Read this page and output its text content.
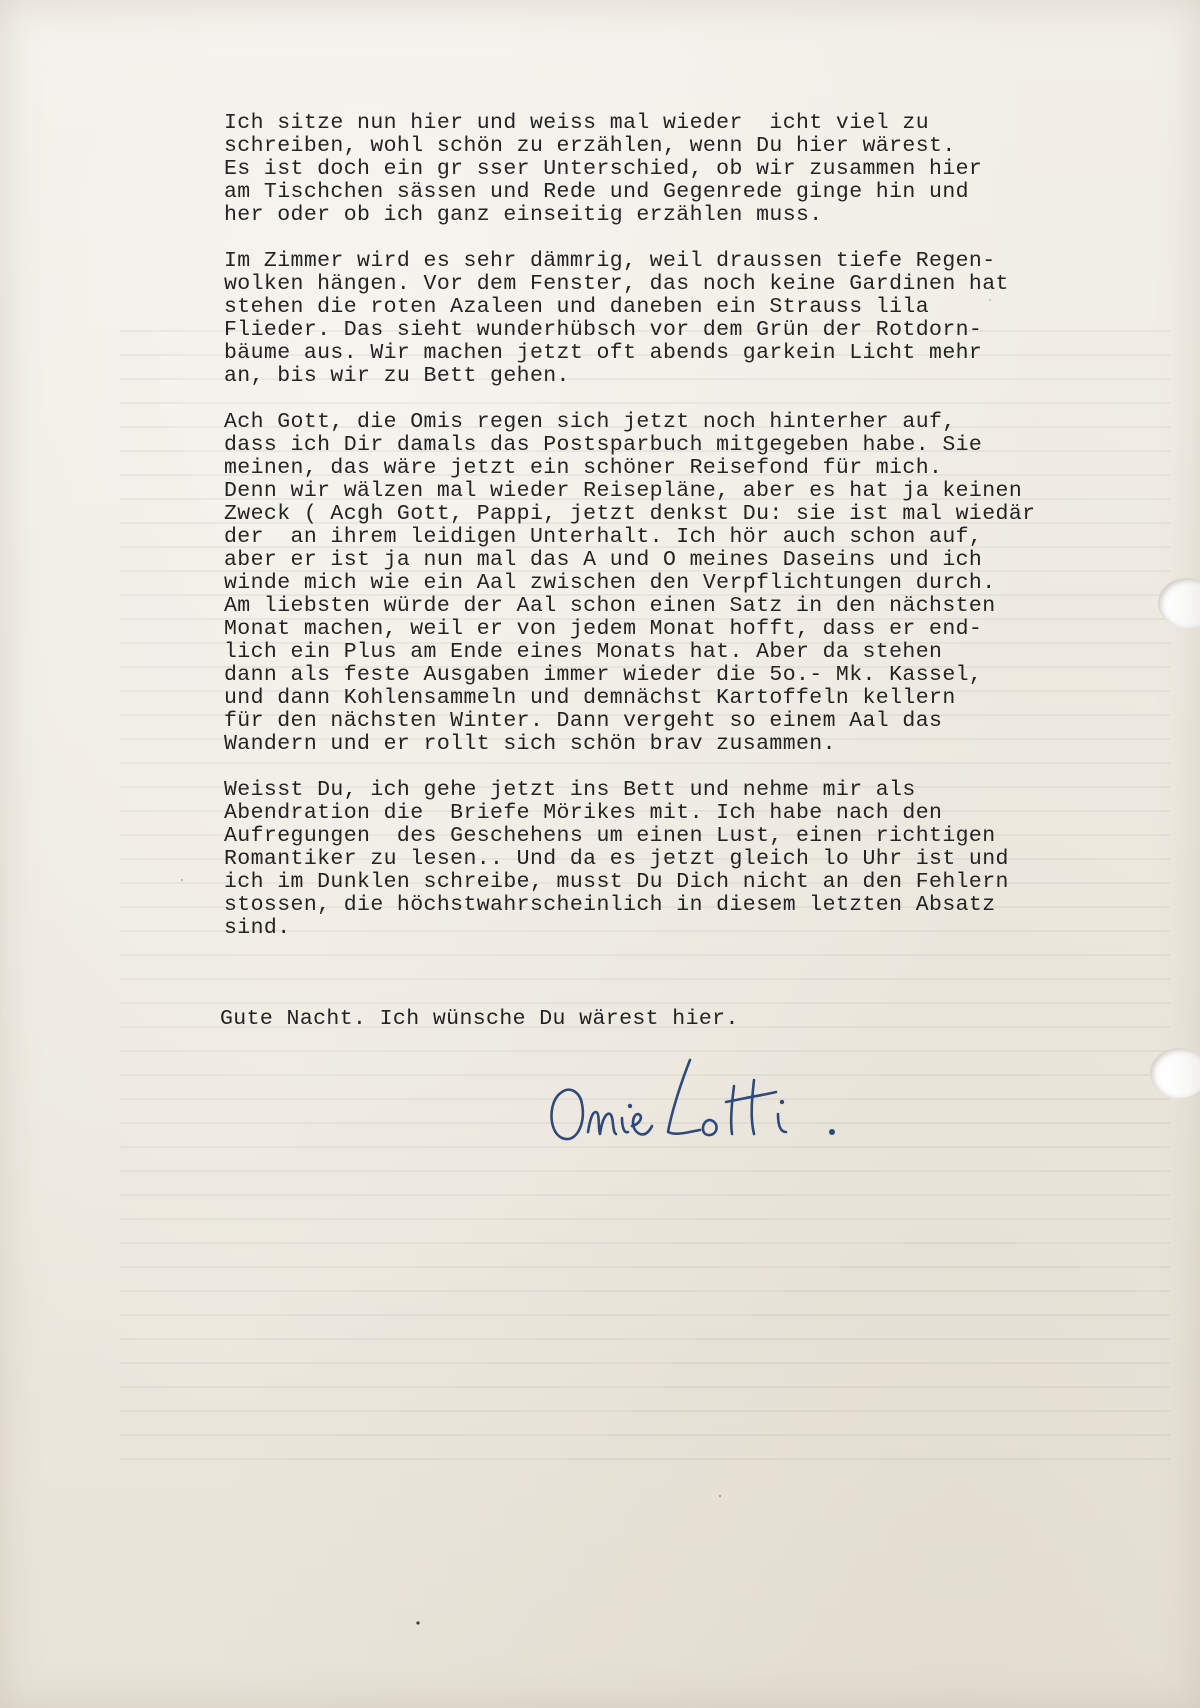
Ich sitze nun hier und weiss mal wieder  icht viel zu
schreiben, wohl schön zu erzählen, wenn Du hier wärest.
Es ist doch ein gr sser Unterschied, ob wir zusammen hier
am Tischchen sässen und Rede und Gegenrede ginge hin und
her oder ob ich ganz einseitig erzählen muss.
Im Zimmer wird es sehr dämmrig, weil draussen tiefe Regen-
wolken hängen. Vor dem Fenster, das noch keine Gardinen hat
stehen die roten Azaleen und daneben ein Strauss lila
Flieder. Das sieht wunderhübsch vor dem Grün der Rotdorn-
bäume aus. Wir machen jetzt oft abends garkein Licht mehr
an, bis wir zu Bett gehen.
Ach Gott, die Omis regen sich jetzt noch hinterher auf,
dass ich Dir damals das Postsparbuch mitgegeben habe. Sie
meinen, das wäre jetzt ein schöner Reisefond für mich.
Denn wir wälzen mal wieder Reisepläne, aber es hat ja keinen
Zweck ( Acgh Gott, Pappi, jetzt denkst Du: sie ist mal wiedär
der  an ihrem leidigen Unterhalt. Ich hör auch schon auf,
aber er ist ja nun mal das A und O meines Daseins und ich
winde mich wie ein Aal zwischen den Verpflichtungen durch.
Am liebsten würde der Aal schon einen Satz in den nächsten
Monat machen, weil er von jedem Monat hofft, dass er end-
lich ein Plus am Ende eines Monats hat. Aber da stehen
dann als feste Ausgaben immer wieder die 5o.- Mk. Kassel,
und dann Kohlensammeln und demnächst Kartoffeln kellern
für den nächsten Winter. Dann vergeht so einem Aal das
Wandern und er rollt sich schön brav zusammen.
Weisst Du, ich gehe jetzt ins Bett und nehme mir als
Abendration die  Briefe Mörikes mit. Ich habe nach den
Aufregungen  des Geschehens um einen Lust, einen richtigen
Romantiker zu lesen.. Und da es jetzt gleich lo Uhr ist und
ich im Dunklen schreibe, musst Du Dich nicht an den Fehlern
stossen, die höchstwahrscheinlich in diesem letzten Absatz
sind.
Gute Nacht. Ich wünsche Du wärest hier.
